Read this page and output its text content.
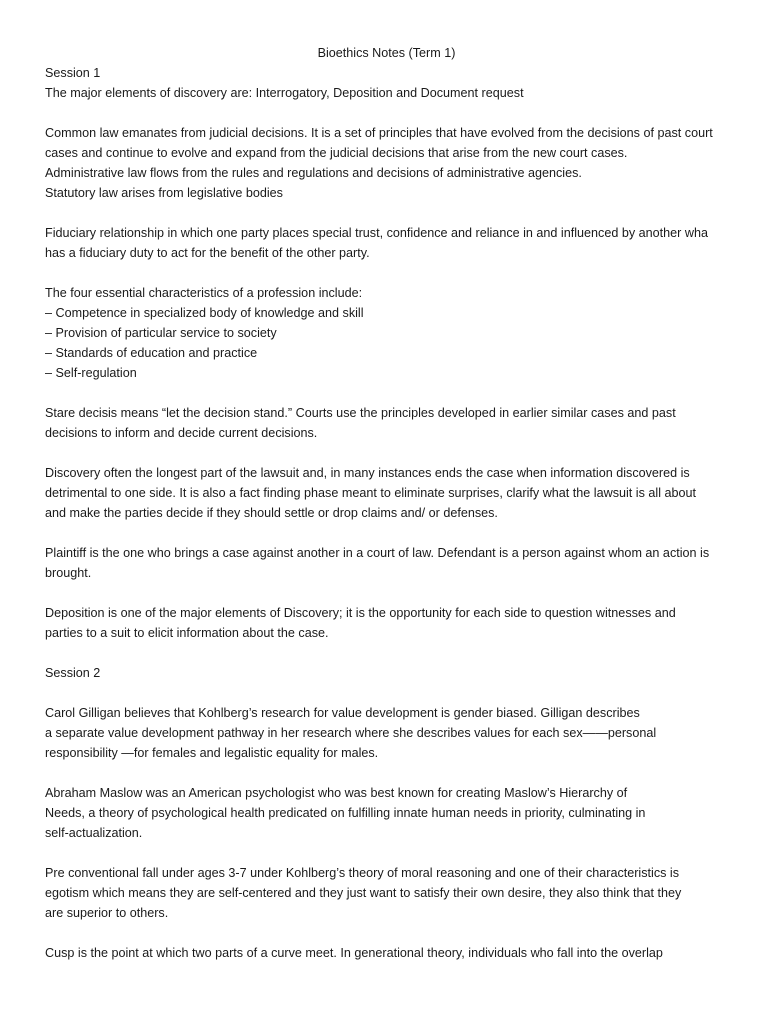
Bioethics Notes (Term 1)
Session 1
The major elements of discovery are: Interrogatory, Deposition and Document request
Common law emanates from judicial decisions. It is a set of principles that have evolved from the decisions of past court
cases and continue to evolve and expand from the judicial decisions that arise from the new court cases.
Administrative law flows from the rules and regulations and decisions of administrative agencies.
Statutory law arises from legislative bodies
Fiduciary relationship in which one party places special trust, confidence and reliance in and influenced by another wha
has a fiduciary duty to act for the benefit of the other party.
The four essential characteristics of a profession include:
– Competence in specialized body of knowledge and skill
– Provision of particular service to society
– Standards of education and practice
– Self-regulation
Stare decisis means “let the decision stand.” Courts use the principles developed in earlier similar cases and past
decisions to inform and decide current decisions.
Discovery often the longest part of the lawsuit and, in many instances ends the case when information discovered is
detrimental to one side. It is also a fact finding phase meant to eliminate surprises, clarify what the lawsuit is all about
and make the parties decide if they should settle or drop claims and/ or defenses.
Plaintiff is the one who brings a case against another in a court of law. Defendant is a person against whom an action is
brought.
Deposition is one of the major elements of Discovery; it is the opportunity for each side to question witnesses and
parties to a suit to elicit information about the case.
Session 2
Carol Gilligan believes that Kohlberg’s research for value development is gender biased. Gilligan describes
a separate value development pathway in her research where she describes values for each sex——personal
responsibility —for females and legalistic equality for males.
Abraham Maslow was an American psychologist who was best known for creating Maslow’s Hierarchy of
Needs, a theory of psychological health predicated on fulfilling innate human needs in priority, culminating in
self-actualization.
Pre conventional fall under ages 3-7 under Kohlberg’s theory of moral reasoning and one of their characteristics is
egotism which means they are self-centered and they just want to satisfy their own desire, they also think that they
are superior to others.
Cusp is the point at which two parts of a curve meet. In generational theory, individuals who fall into the overlap
